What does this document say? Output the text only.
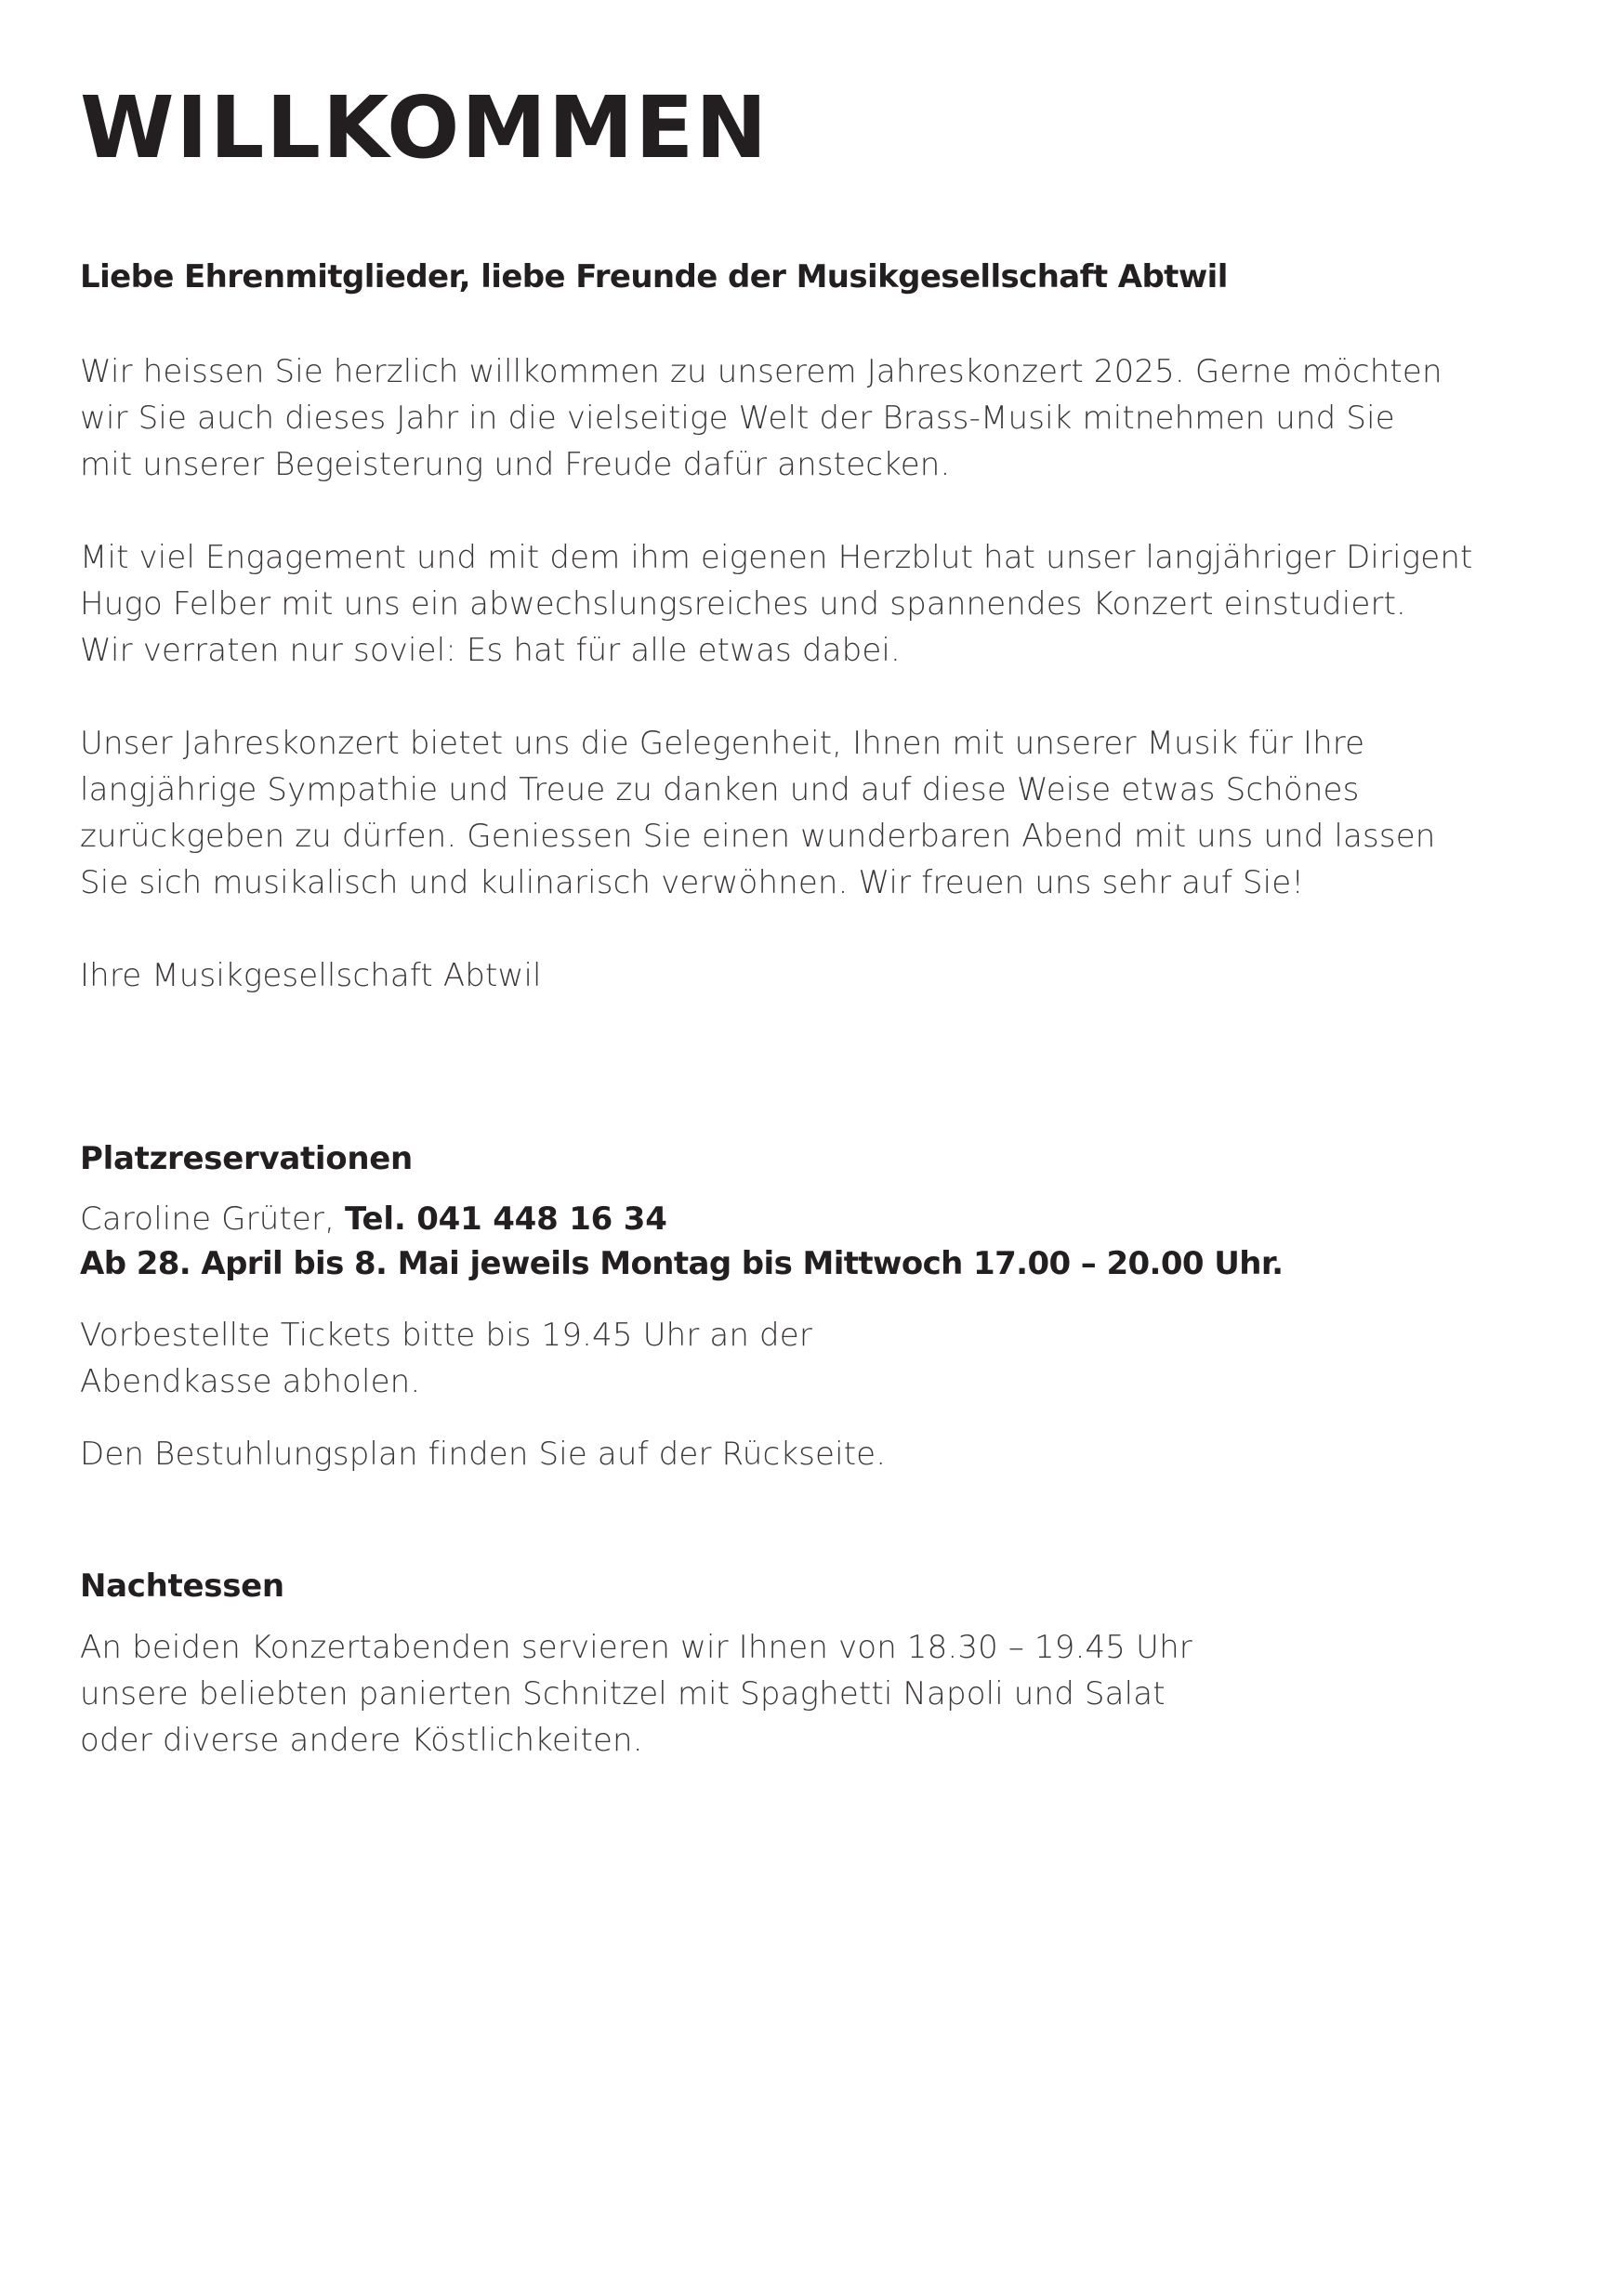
WILLKOMMEN

Liebe Ehrenmitglieder, liebe Freunde der Musikgesellschaft Abtwil

Wir heissen Sie herzlich willkommen zu unserem Jahreskonzert 2025. Gerne möchten
wir Sie auch dieses Jahr in die vielseitige Welt der Brass-Musik mitnehmen und Sie
mit unserer Begeisterung und Freude dafür anstecken.

Mit viel Engagement und mit dem ihm eigenen Herzblut hat unser langjähriger Dirigent
Hugo Felber mit uns ein abwechslungsreiches und spannendes Konzert einstudiert.
Wir verraten nur soviel: Es hat für alle etwas dabei.

Unser Jahreskonzert bietet uns die Gelegenheit, Ihnen mit unserer Musik für Ihre
langjährige Sympathie und Treue zu danken und auf diese Weise etwas Schönes
zurückgeben zu dürfen. Geniessen Sie einen wunderbaren Abend mit uns und lassen
Sie sich musikalisch und kulinarisch verwöhnen. Wir freuen uns sehr auf Sie!

Ihre Musikgesellschaft Abtwil

Platzreservationen

Caroline Grüter, Tel. 041 448 16 34

Ab 28. April bis 8. Mai jeweils Montag bis Mittwoch 17.00 – 20.00 Uhr.

Vorbestellte Tickets bitte bis 19.45 Uhr an der
Abendkasse abholen.

Den Bestuhlungsplan finden Sie auf der Rückseite.

Nachtessen

An beiden Konzertabenden servieren wir Ihnen von 18.30 – 19.45 Uhr
unsere beliebten panierten Schnitzel mit Spaghetti Napoli und Salat
oder diverse andere Köstlichkeiten.
